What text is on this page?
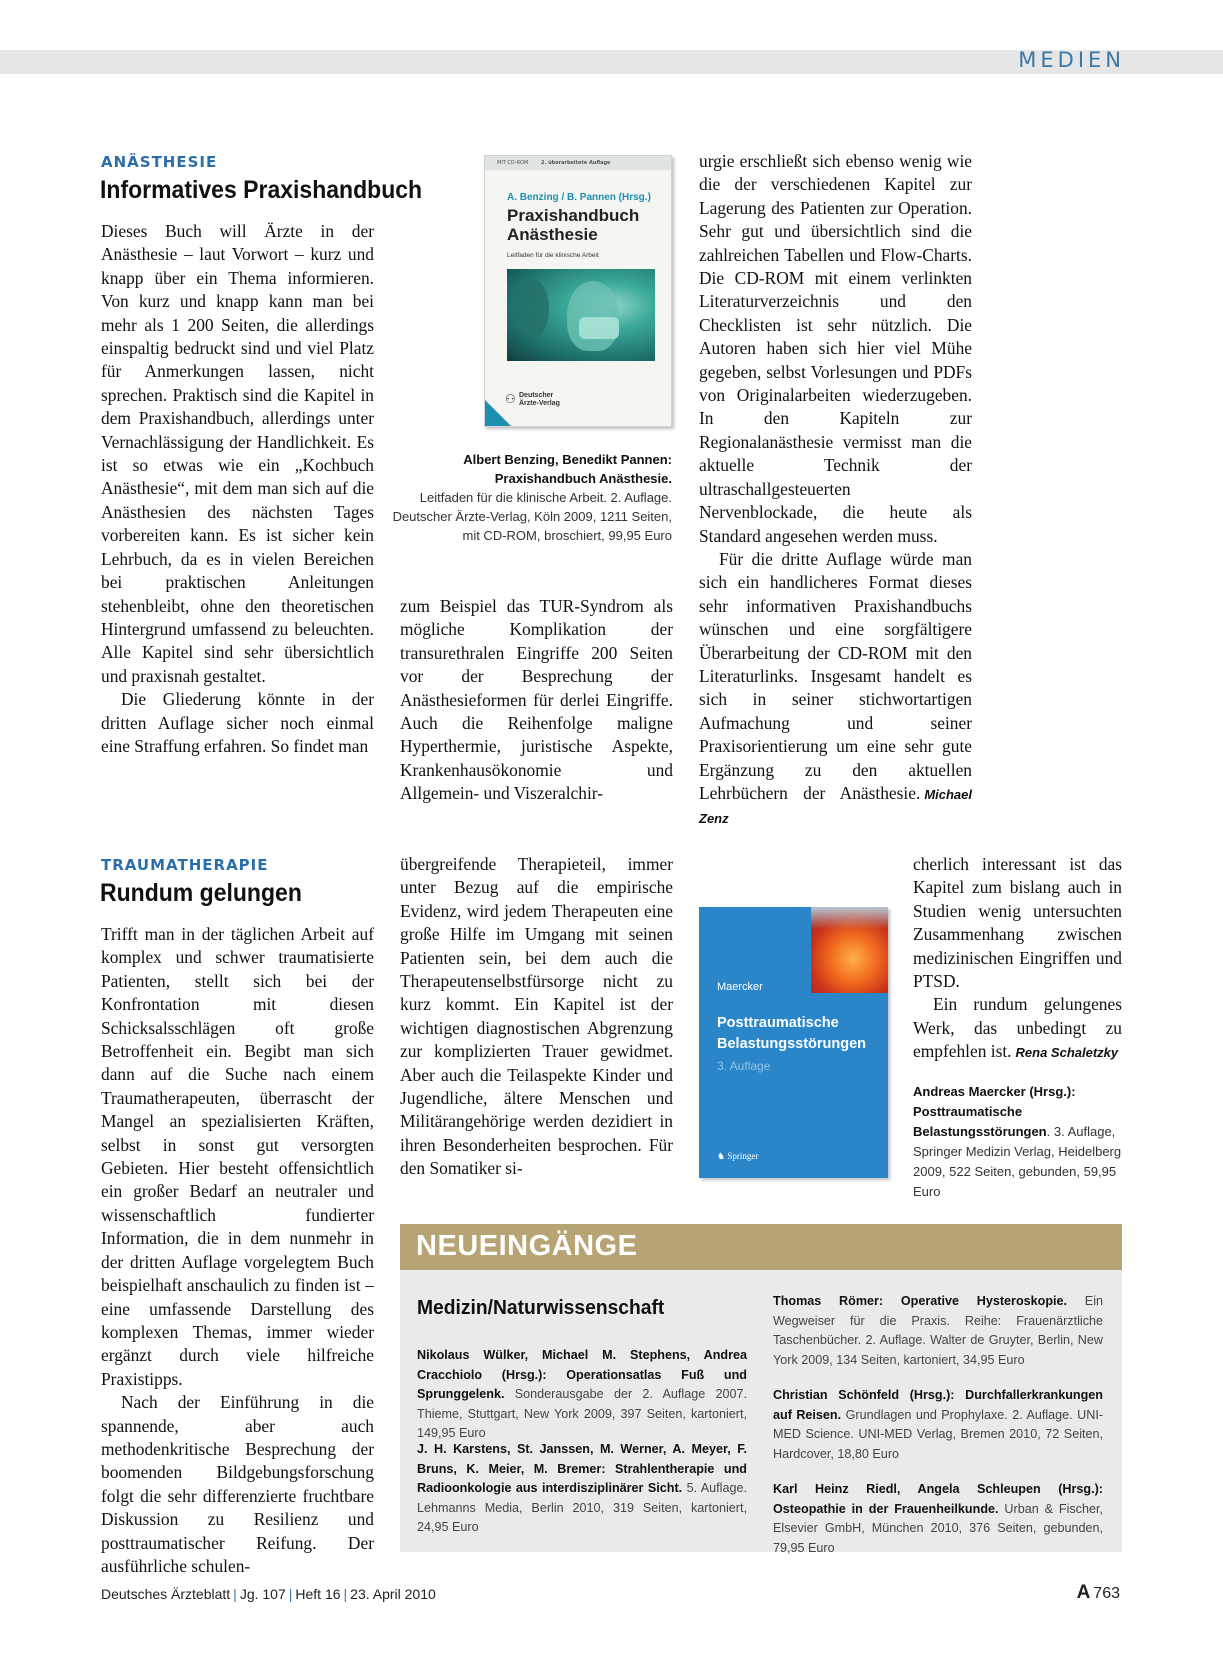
MEDIEN
ANÄSTHESIE
Informatives Praxishandbuch

Dieses Buch will Ärzte in der Anästhesie – laut Vorwort – kurz und knapp über ein Thema informieren. Von kurz und knapp kann man bei mehr als 1 200 Seiten, die allerdings einspaltig bedruckt sind und viel Platz für Anmerkungen lassen, nicht sprechen. Praktisch sind die Kapitel in dem Praxishandbuch, allerdings unter Vernachlässigung der Handlichkeit. Es ist so etwas wie ein „Kochbuch Anästhesie“, mit dem man sich auf die Anästhesien des nächsten Tages vorbereiten kann. Es ist sicher kein Lehrbuch, da es in vielen Bereichen bei praktischen Anleitungen stehenbleibt, ohne den theoretischen Hintergrund umfassend zu beleuchten. Alle Kapitel sind sehr übersichtlich und praxisnah gestaltet.

Die Gliederung könnte in der dritten Auflage sicher noch einmal eine Straffung erfahren. So findet man

MIT CD-ROM	2. überarbeitete Auflage
A. Benzing / B. Pannen (Hrsg.)
Praxishandbuch
Anästhesie
Leitfaden für die klinische Arbeit
⚇ Deutscher
Ärzte-Verlag
Albert Benzing, Benedikt Pannen:
Praxishandbuch Anästhesie.
Leitfaden für die klinische Arbeit. 2. Auflage.
Deutscher Ärzte-Verlag, Köln 2009, 1211 Seiten,
mit CD-ROM, broschiert, 99,95 Euro

zum Beispiel das TUR-Syndrom als mögliche Komplikation der transurethralen Eingriffe 200 Seiten vor der Besprechung der Anästhesieformen für derlei Eingriffe. Auch die Reihenfolge maligne Hyperthermie, juristische Aspekte, Krankenhausökonomie und Allgemein- und Viszeralchir-

urgie erschließt sich ebenso wenig wie die der verschiedenen Kapitel zur Lagerung des Patienten zur Operation. Sehr gut und übersichtlich sind die zahlreichen Tabellen und Flow-Charts. Die CD-ROM mit einem verlinkten Literaturverzeichnis und den Checklisten ist sehr nützlich. Die Autoren haben sich hier viel Mühe gegeben, selbst Vorlesungen und PDFs von Originalarbeiten wiederzugeben. In den Kapiteln zur Regionalanästhesie vermisst man die aktuelle Technik der ultraschallgesteuerten Nervenblockade, die heute als Standard angesehen werden muss.

Für die dritte Auflage würde man sich ein handlicheres Format dieses sehr informativen Praxishandbuchs wünschen und eine sorgfältigere Überarbeitung der CD-ROM mit den Literaturlinks. Insgesamt handelt es sich in seiner stichwortartigen Aufmachung und seiner Praxisorientierung um eine sehr gute Ergänzung zu den aktuellen Lehrbüchern der Anästhesie. Michael Zenz

TRAUMATHERAPIE
Rundum gelungen

Trifft man in der täglichen Arbeit auf komplex und schwer traumatisierte Patienten, stellt sich bei der Konfrontation mit diesen Schicksalsschlägen oft große Betroffenheit ein. Begibt man sich dann auf die Suche nach einem Traumatherapeuten, überrascht der Mangel an spezialisierten Kräften, selbst in sonst gut versorgten Gebieten. Hier besteht offensichtlich ein großer Bedarf an neutraler und wissenschaftlich fundierter Information, die in dem nunmehr in der dritten Auflage vorgelegtem Buch beispielhaft anschaulich zu finden ist – eine umfassende Darstellung des komplexen Themas, immer wieder ergänzt durch viele hilfreiche Praxistipps.

Nach der Einführung in die spannende, aber auch methodenkritische Besprechung der boomenden Bildgebungsforschung folgt die sehr differenzierte fruchtbare Diskussion zu Resilienz und posttraumatischer Reifung. Der ausführliche schulen-

übergreifende Therapieteil, immer unter Bezug auf die empirische Evidenz, wird jedem Therapeuten eine große Hilfe im Umgang mit seinen Patienten sein, bei dem auch die Therapeutenselbstfürsorge nicht zu kurz kommt. Ein Kapitel ist der wichtigen diagnostischen Abgrenzung zur komplizierten Trauer gewidmet. Aber auch die Teilaspekte Kinder und Jugendliche, ältere Menschen und Militärangehörige werden dezidiert in ihren Besonderheiten besprochen. Für den Somatiker si-

Maercker
Posttraumatische
Belastungsstörungen
3. Auflage
♞ Springer

cherlich interessant ist das Kapitel zum bislang auch in Studien wenig untersuchten Zusammenhang zwischen medizinischen Eingriffen und PTSD.

Ein rundum gelungenes Werk, das unbedingt zu empfehlen ist. Rena Schaletzky

Andreas Maercker (Hrsg.): Posttraumatische Belastungsstörungen. 3. Auflage, Springer Medizin Verlag, Heidelberg 2009, 522 Seiten, gebunden, 59,95 Euro
NEUEINGÄNGE
Medizin/Naturwissenschaft
Nikolaus Wülker, Michael M. Stephens, Andrea Cracchiolo (Hrsg.): Operationsatlas Fuß und Sprunggelenk. Sonderausgabe der 2. Auflage 2007. Thieme, Stuttgart, New York 2009, 397 Seiten, kartoniert, 149,95 Euro
J. H. Karstens, St. Janssen, M. Werner, A. Meyer, F. Bruns, K. Meier, M. Bremer: Strahlentherapie und Radioonkologie aus interdisziplinärer Sicht. 5. Auflage. Lehmanns Media, Berlin 2010, 319 Seiten, kartoniert, 24,95 Euro
Thomas Römer: Operative Hysteroskopie. Ein Wegweiser für die Praxis. Reihe: Frauenärztliche Taschenbücher. 2. Auflage. Walter de Gruyter, Berlin, New York 2009, 134 Seiten, kartoniert, 34,95 Euro
Christian Schönfeld (Hrsg.): Durchfallerkrankungen auf Reisen. Grundlagen und Prophylaxe. 2. Auflage. UNI-MED Science. UNI-MED Verlag, Bremen 2010, 72 Seiten, Hardcover, 18,80 Euro
Karl Heinz Riedl, Angela Schleupen (Hrsg.): Osteopathie in der Frauenheilkunde. Urban & Fischer, Elsevier GmbH, München 2010, 376 Seiten, gebunden, 79,95 Euro
Deutsches Ärzteblatt | Jg. 107 | Heft 16 | 23. April 2010	A 763
